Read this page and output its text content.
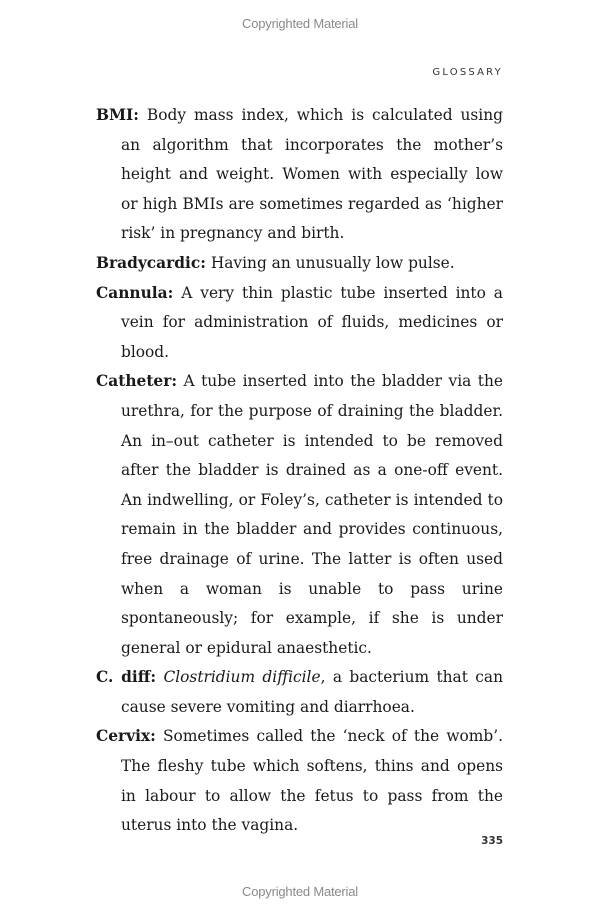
Copyrighted Material
GLOSSARY

BMI: Body mass index, which is calculated using an algorithm that incorporates the mother’s height and weight. Women with especially low or high BMIs are sometimes regarded as ‘higher risk’ in pregnancy and birth.

Bradycardic: Having an unusually low pulse.

Cannula: A very thin plastic tube inserted into a vein for administration of fluids, medicines or blood.

Catheter: A tube inserted into the bladder via the urethra, for the purpose of draining the bladder. An in–out catheter is intended to be removed after the bladder is drained as a one-off event. An indwelling, or Foley’s, catheter is intended to remain in the bladder and provides continuous, free drainage of urine. The latter is often used when a woman is unable to pass urine spontaneously; for example, if she is under general or epidural anaesthetic.

C. diff: Clostridium difficile, a bacterium that can cause severe vomiting and diarrhoea.

Cervix: Sometimes called the ‘neck of the womb’. The fleshy tube which softens, thins and opens in labour to allow the fetus to pass from the uterus into the vagina.

335
Copyrighted Material
